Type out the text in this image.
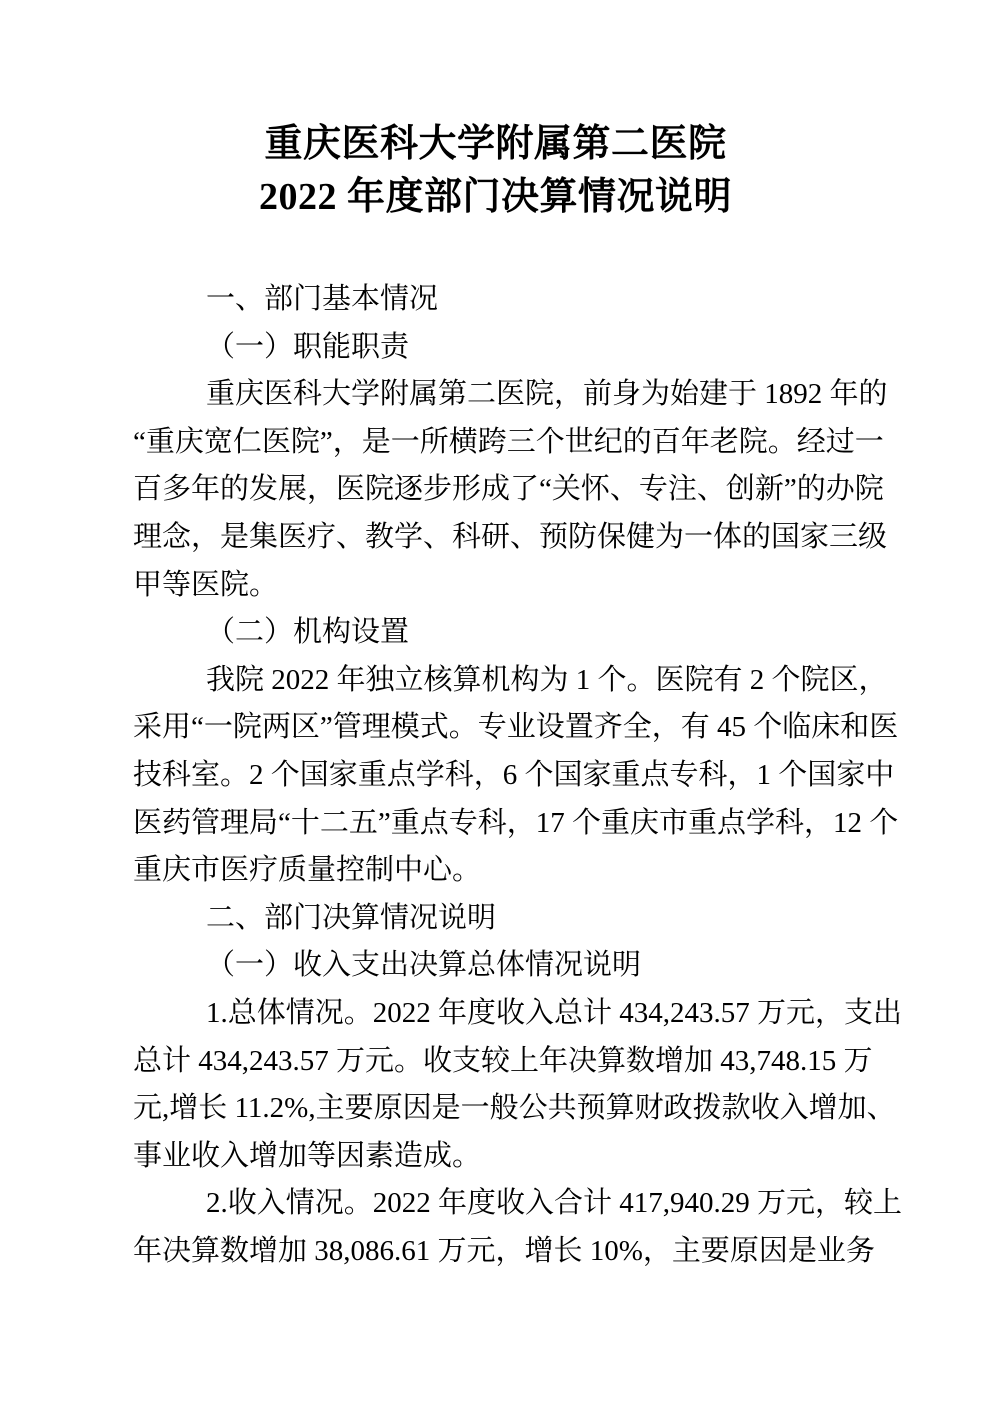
重庆医科大学附属第二医院
2022 年度部门决算情况说明
一、部门基本情况
（一）职能职责
重庆医科大学附属第二医院，前身为始建于 1892 年的
“重庆宽仁医院”，是一所横跨三个世纪的百年老院。经过一
百多年的发展，医院逐步形成了“关怀、专注、创新”的办院
理念，是集医疗、教学、科研、预防保健为一体的国家三级
甲等医院。
（二）机构设置
我院 2022 年独立核算机构为 1 个。医院有 2 个院区，
采用“一院两区”管理模式。专业设置齐全，有 45 个临床和医
技科室。2 个国家重点学科，6 个国家重点专科，1 个国家中
医药管理局“十二五”重点专科，17 个重庆市重点学科，12 个
重庆市医疗质量控制中心。
二、部门决算情况说明
（一）收入支出决算总体情况说明
1.总体情况。2022 年度收入总计 434,243.57 万元，支出
总计 434,243.57 万元。收支较上年决算数增加 43,748.15 万
元,增长 11.2%,主要原因是一般公共预算财政拨款收入增加、
事业收入增加等因素造成。
2.收入情况。2022 年度收入合计 417,940.29 万元，较上
年决算数增加 38,086.61 万元，增长 10%，主要原因是业务
